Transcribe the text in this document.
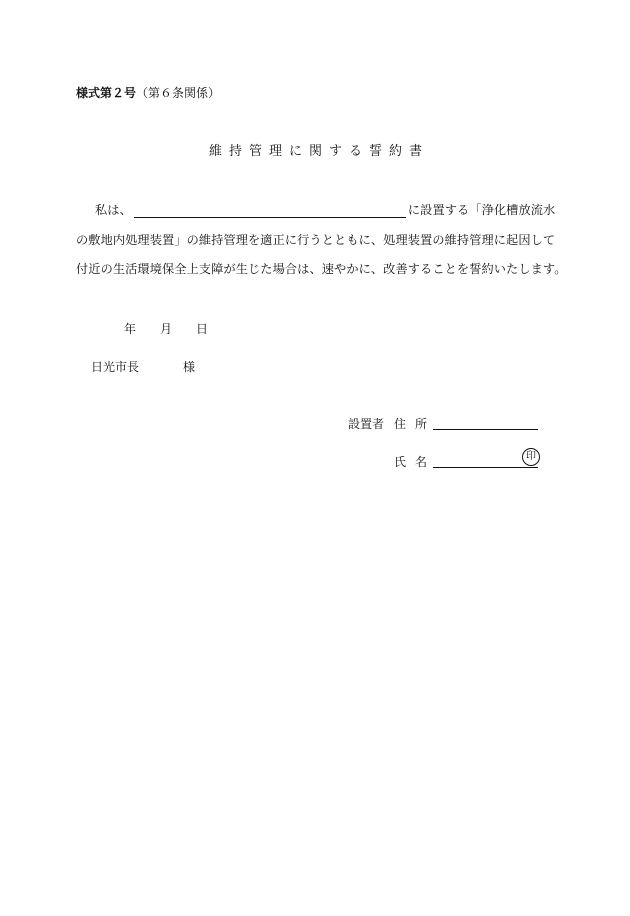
様式第２号（第６条関係）
維持管理に関する誓約書
私は、	に設置する「浄化槽放流水
の敷地内処理装置」の維持管理を適正に行うとともに、処理装置の維持管理に起因して
付近の生活環境保全上支障が生じた場合は、速やかに、改善することを誓約いたします。
年 月 日
日光市長	様
設置者 住所
氏名	印
